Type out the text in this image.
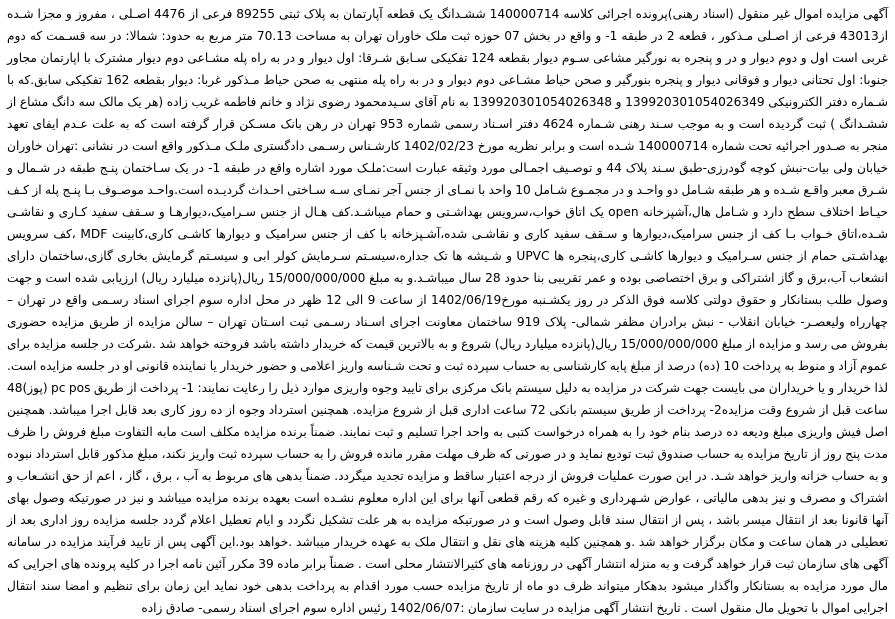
آگهی مزایده اموال غیر منقول (اسناد رهنی)پرونده اجرائی کلاسه 140000714 ششـدانگ یک قطعه آپارتمان به پلاک ثبتی 89255 فرعی از 4476 اصـلی ، مفروز و مجزا شـده از43013 فرعی از اصـلی مـذکور ، قطعه 2 در طبقه 1- و واقع در بخش 07 حوزه ثبت ملک خاوران تهران به مساحت 70.13 متر مربع به حدود: شمالا: در سه قسـمت که دوم غربی است اول و دوم دیوار و در و پنجره به نورگیر مشاعی سـوم دیوار بقطعه 124 تفکیکی سـابق شـرقا: اول دیوار و در به راه پله مشـاعی دوم دیوار مشترک با اپارتمان مجاور جنوبا: اول تحتانی دیوار و فوقانی دیوار و پنجره بنورگیر و صحن حیاط مشـاعی دوم دیوار و در به راه پله منتهی به صحن حیاط مـذکور غربا: دیوار بقطعه 162 تفکیکی سابق.که با شـماره دفتر الکترونیکی 139920301054026349 و 139920301054026348 به نام آقای سـیدمحمود رضوی نژاد و خانم فاطمه غریب زاده (هر یک مالک سه دانگ مشاع از ششـدانگ ) ثبت گردیده است و به موجب سـند رهنی شـماره 4624 دفتر اسـناد رسمی شماره 953 تهران در رهن بانک مسـکن قرار گرفته است که به علت عـدم ایفای تعهد منجر به صـدور اجرائیه تحت شماره 140000714 شـده است و برابر نظریه مورخ 1402/02/23 کارشـناس رسـمی دادگستری ملـک مـذکور واقع است در نشانی :تهران خاوران خیابان ولی بیات-نبش کوچه گودرزی-طبق سـند پلاک 44 و توصـیف اجمـالی مورد وثیقه عبارت است:ملـک مورد اشاره واقع در طبقه 1- در یک سـاختمان پنـج طبقه در شـمال و شـرق معبر واقـع شـده و هر طبقه شـامل دو واحـد و در مجمـوع شـامل 10 واحد با نمـای از جنس آجر نمـای سـه سـاختی احـداث گردیـده است.واحـد موصـوف بـا پنـج پله از کـف حیـاط اختلاف سطح دارد و شـامل هال،آشپزخانه open یک اتاق خواب،سرویس بهداشـتی و حمام میباشـد.کف هـال از جنس سـرامیک،دیوارهـا و سـقف سفید کـاری و نقاشـی شـده،اتاق خـواب بـا کف از جنس سرامیک،دیوارها و سـقف سفید کاری و نقاشـی شده،آشـپزخانه با کف از جنس سرامیک و دیوارها کاشـی کاری،کابینت MDF ،کف سرویس بهداشـتی حمام از جنس سـرامیک و دیوارها کاشـی کاری،پنجره ها UPVC و شـیشه ها تک جداره،سیسـتم سـرمایش کولر ابی و سیسـتم گرمایش بخاری گازی،ساختمان دارای انشعاب آب،برق و گاز اشتراکی و برق اختصاصی بوده و عمر تقریبی بنا حدود 28 سال میباشـد.و به مبلغ 15/000/000/000 ریال(پانزده میلیارد ریال) ارزیابی شده است و جهت وصول طلب بستانکار و حقوق دولتی کلاسه فوق الذکر در روز یکشـنبه مورخ1402/06/19 از ساعت 9 الی 12 ظهر در محل اداره سوم اجرای اسناد رسـمی واقع در تهران – چهارراه ولیعصـر- خیابان انقلاب - نبش برادران مظفر شمالی- پلاک 919 ساختمان معاونت اجرای اسـناد رسـمی ثبت اسـتان تهران – سالن مزایده از طریق مزایده حضوری بفروش می رسد و مزایده از مبلغ 15/000/000/000 ریال(پانزده میلیارد ریال) شروع و به بالاترین قیمت که خریدار داشته باشد فروخته خواهد شد .شرکت در جلسه مزایده برای عموم آزاد و منوط به پرداخت 10 (ده) درصد از مبلغ پایه کارشناسی به حساب سپرده ثبت و تحت شـناسه واریز اعلامی و حضور خریدار یا نماینده قانونی او در جلسه مزایده است. لذا خریدار و یا خریداران می بایست جهت شرکت در مزایده به دلیل سیستم بانک مرکزی برای تایید وجوه واریزی موارد ذیل را رعایت نمایند: 1- پرداخت از طریق pc pos (پوز)48 ساعت قبل از شروع وقت مزایده2- پرداخت از طریق سیستم بانکی 72 ساعت اداری قبل از شروع مزایده. همچنین استرداد وجوه از ده روز کاری بعد قابل اجرا میباشد. همچنین اصل فیش واریزی مبلغ ودیعه ده درصد بنام خود را به همراه درخواست کتبی به واحد اجرا تسلیم و ثبت نمایند. ضمناً برنده مزایده مکلف است مابه التفاوت مبلغ فروش را ظرف مدت پنج روز از تاریخ مزایده به حساب صندوق ثبت تودیع نماید و در صورتی که ظرف مهلت مقرر مانده فروش را به حساب سپرده ثبت واریز نکند، مبلغ مذکور قابل استرداد نبوده و به حساب خزانه واریز خواهد شـد. در این صورت عملیات فروش از درجه اعتبار ساقط و مزایده تجدید میگردد. ضمناً بدهی های مربوط به آب ، برق ، گاز ، اعم از حق انشـعاب و اشتراک و مصرف و نیز بدهی مالیاتی ، عوارض شـهرداری و غیره که رقم قطعی آنها برای این اداره معلوم نشـده است بعهده برنده مزایده میباشد و نیز در صورتیکه وصول بهای آنها قانونا بعد از انتقال میسر باشد ، پس از انتقال سند قابل وصول است و در صورتیکه مزایده به هر علت تشکیل نگردد و ایام تعطیل اعلام گردد جلسه مزایده روز اداری بعد از تعطیلی در همان ساعت و مکان برگزار خواهد شد .و همچنین کلیه هزینه های نقل و انتقال ملک به عهده خریدار میباشد .خواهد بود.این آگهی پس از تایید فرآیند مزایده در سامانه آگهی های سازمان ثبت قرار خواهد گرفت و به منزله انتشار آگهی در روزنامه های کثیرالانتشار محلی است . ضمناً برابر ماده 39 مکرر آئین نامه اجرا در کلیه پرونده های اجرایی که مال مورد مزایده به بستانکار واگذار میشود بدهکار میتواند ظرف دو ماه از تاریخ مزایده حسب مورد اقدام به پرداخت بدهی خود نماید این زمان برای تنظیم و امضا سند انتقال اجرایی اموال با تحویل مال منقول است . تاریخ انتشار آگهی مزایده در سایت سازمان :1402/06/07 رئیس اداره سوم اجرای اسناد رسمی- صادق زاده
